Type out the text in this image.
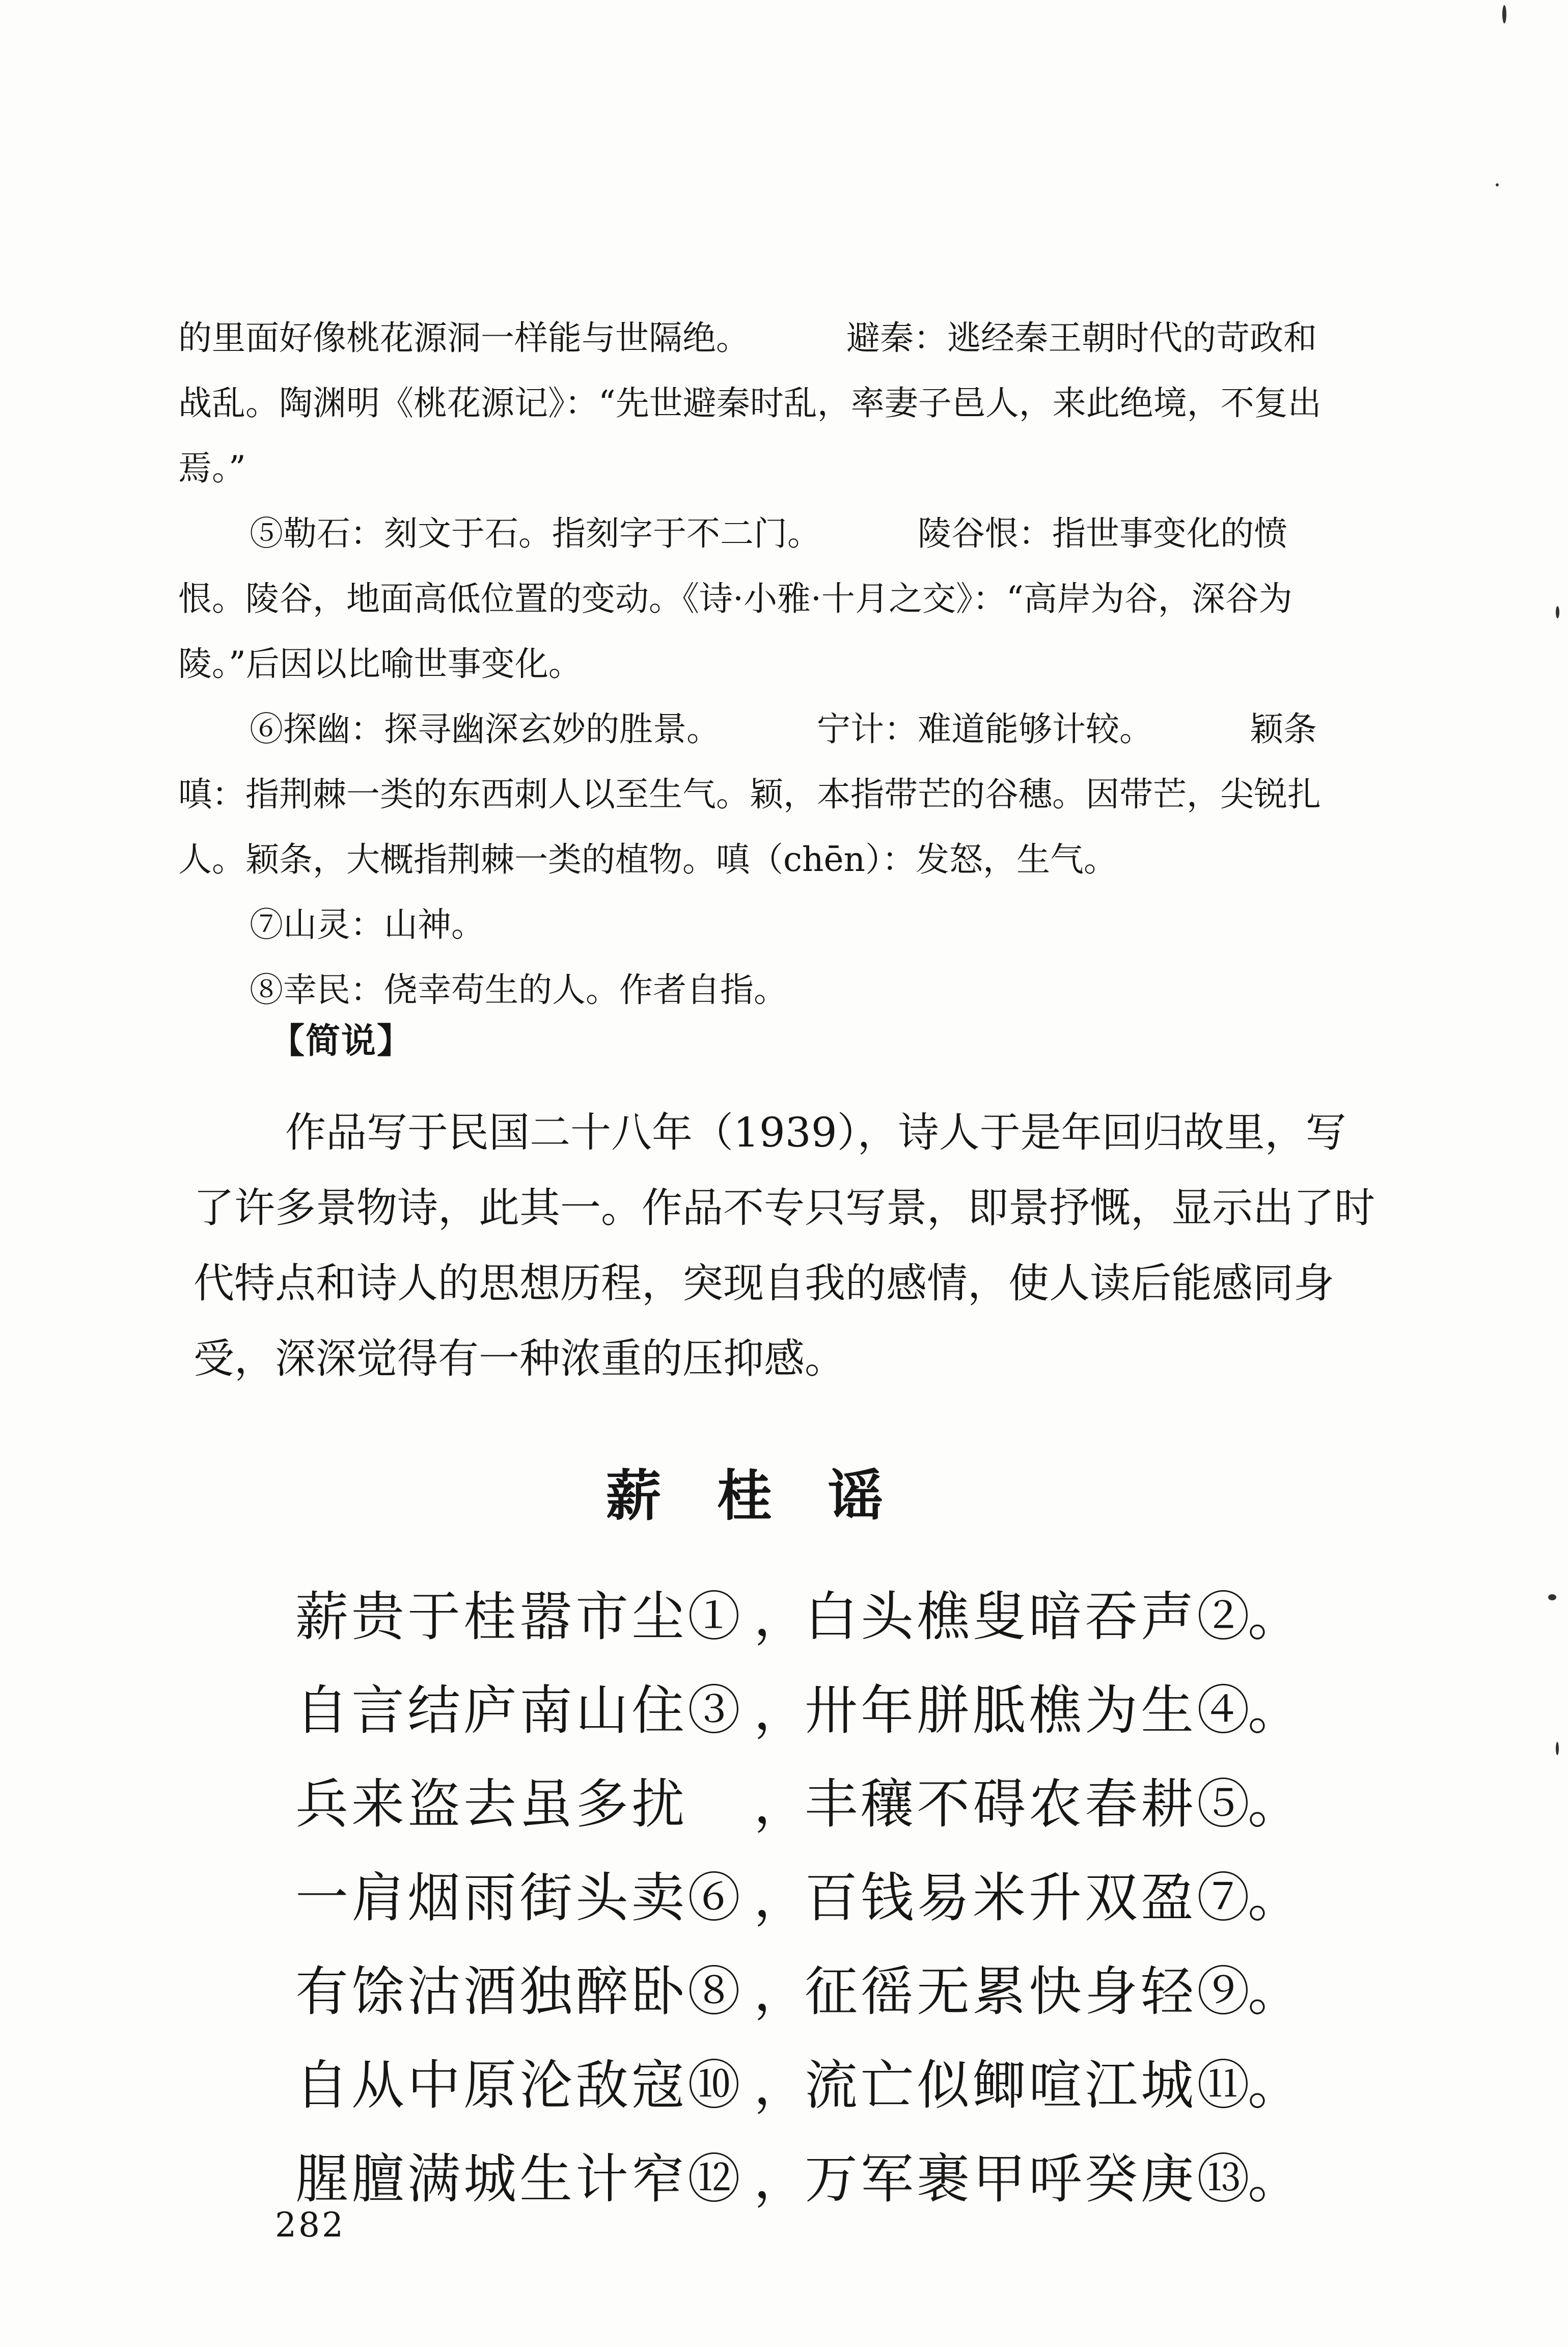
的里面好像桃花源洞一样能与世隔绝。	避秦：逃经秦王朝时代的苛政和战乱。陶渊明《桃花源记》：“先世避秦时乱，率妻子邑人，来此绝境，不复出焉。”

⑤勒石：刻文于石。指刻字于不二门。	陵谷恨：指世事变化的愤恨。陵谷，地面高低位置的变动。《诗·小雅·十月之交》：“高岸为谷，深谷为陵。”后因以比喻世事变化。

⑥探幽：探寻幽深玄妙的胜景。	宁计：难道能够计较。	颖条嗔：指荆棘一类的东西刺人以至生气。颖，本指带芒的谷穗。因带芒，尖锐扎人。颖条，大概指荆棘一类的植物。嗔（chēn）：发怒，生气。

⑦山灵：山神。

⑧幸民：侥幸苟生的人。作者自指。

【简说】

作品写于民国二十八年（1939），诗人于是年回归故里，写了许多景物诗，此其一。作品不专只写景，即景抒慨，显示出了时代特点和诗人的思想历程，突现自我的感情，使人读后能感同身受，深深觉得有一种浓重的压抑感。

薪桂谣
薪贵于桂嚣市尘① ，
白头樵叟暗吞声②
。
自言结庐南山住③ ，
卅年胼胝樵为生④
。
兵来盗去虽多扰	，
丰穰不碍农春耕⑤
。
一肩烟雨街头卖⑥ ，
百钱易米升双盈⑦
。
有馀沽酒独醉卧⑧ ，
征徭无累快身轻⑨
。
自从中原沦敌寇⑩ ，
流亡似鲫喧江城⑪
。
腥膻满城生计窄⑫ ，
万军裹甲呼癸庚⑬
。
282
